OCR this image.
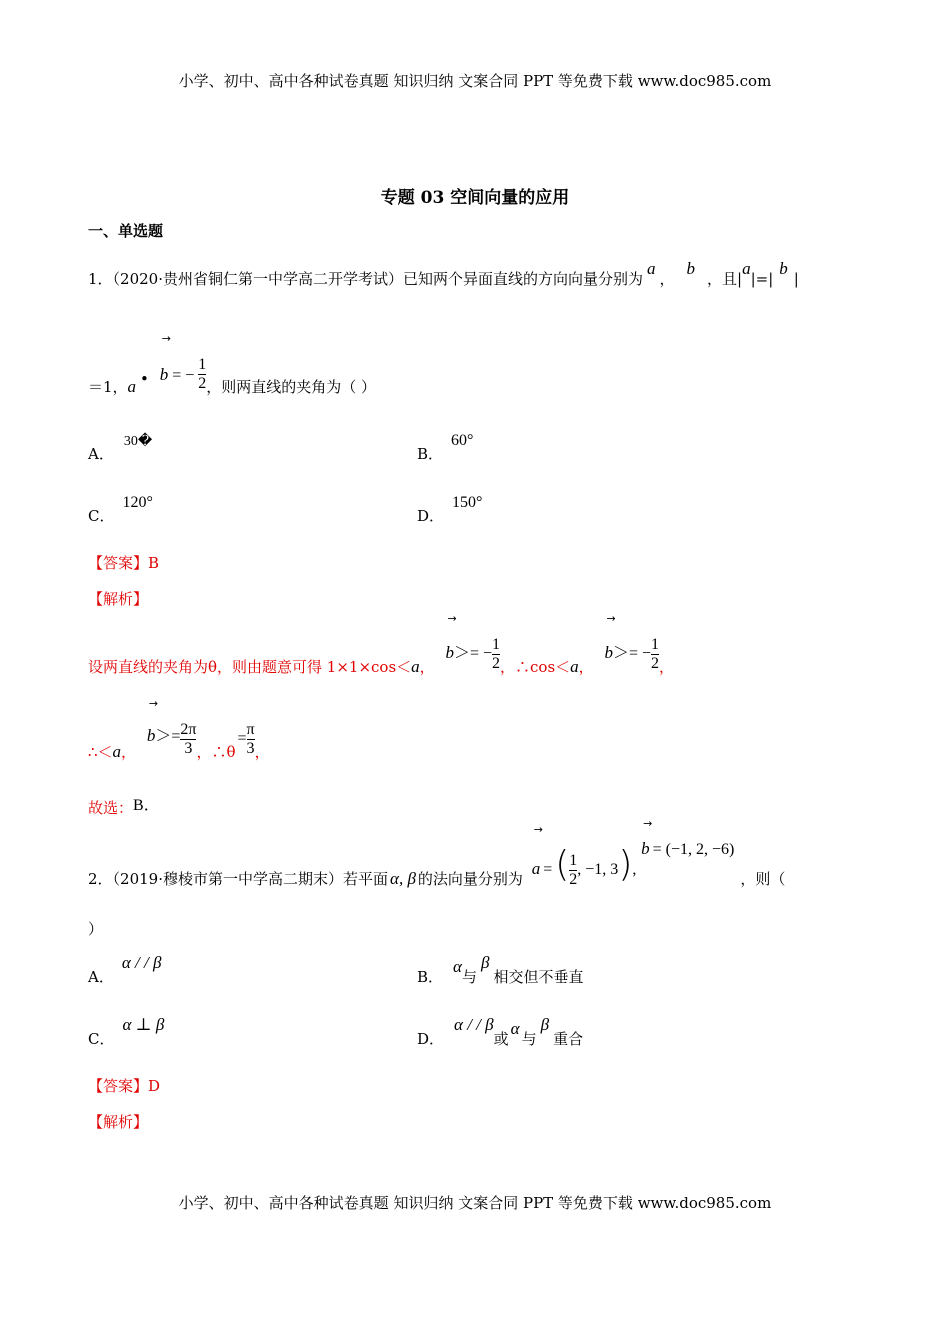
小学、初中、高中各种试卷真题 知识归纳 文案合同 PPT 等免费下载 www.doc985.com
专题 03 空间向量的应用
一、单选题
1．（2020·贵州省铜仁第一中学高二开学考试）已知两个异面直线的方向向量分别为a，b，且|a|=|b|
＝1，a •
→
b = − $\frac{1}{2}$ ，则两直线的夹角为（ ）
A．30�
B．60°
C．120°
D．150°
【答案】B
【解析】
设两直线的夹角为θ，则由题意可得 1×1×cos＜a，
→
$b>= - \frac{1}{2}$ ，∴cos＜a，
→
$b>= - \frac{1}{2}$ ，
∴＜a，
→
$b>= \frac{2\pi}{3}$ ，∴θ= $\frac{\pi}{3}$ ，
故选：B．
2．（2019·穆棱市第一中学高二期末）若平面 α, β 的法向量分别为
→
a =( $\frac{1}{2}$ , −1, 3),
→
b = (−1, 2, −6)，则（
）
A．α / / β
B．α与β相交但不垂直
C．α ⊥ β
D．α / / β或α与β重合
【答案】D
【解析】
小学、初中、高中各种试卷真题 知识归纳 文案合同 PPT 等免费下载 www.doc985.com
